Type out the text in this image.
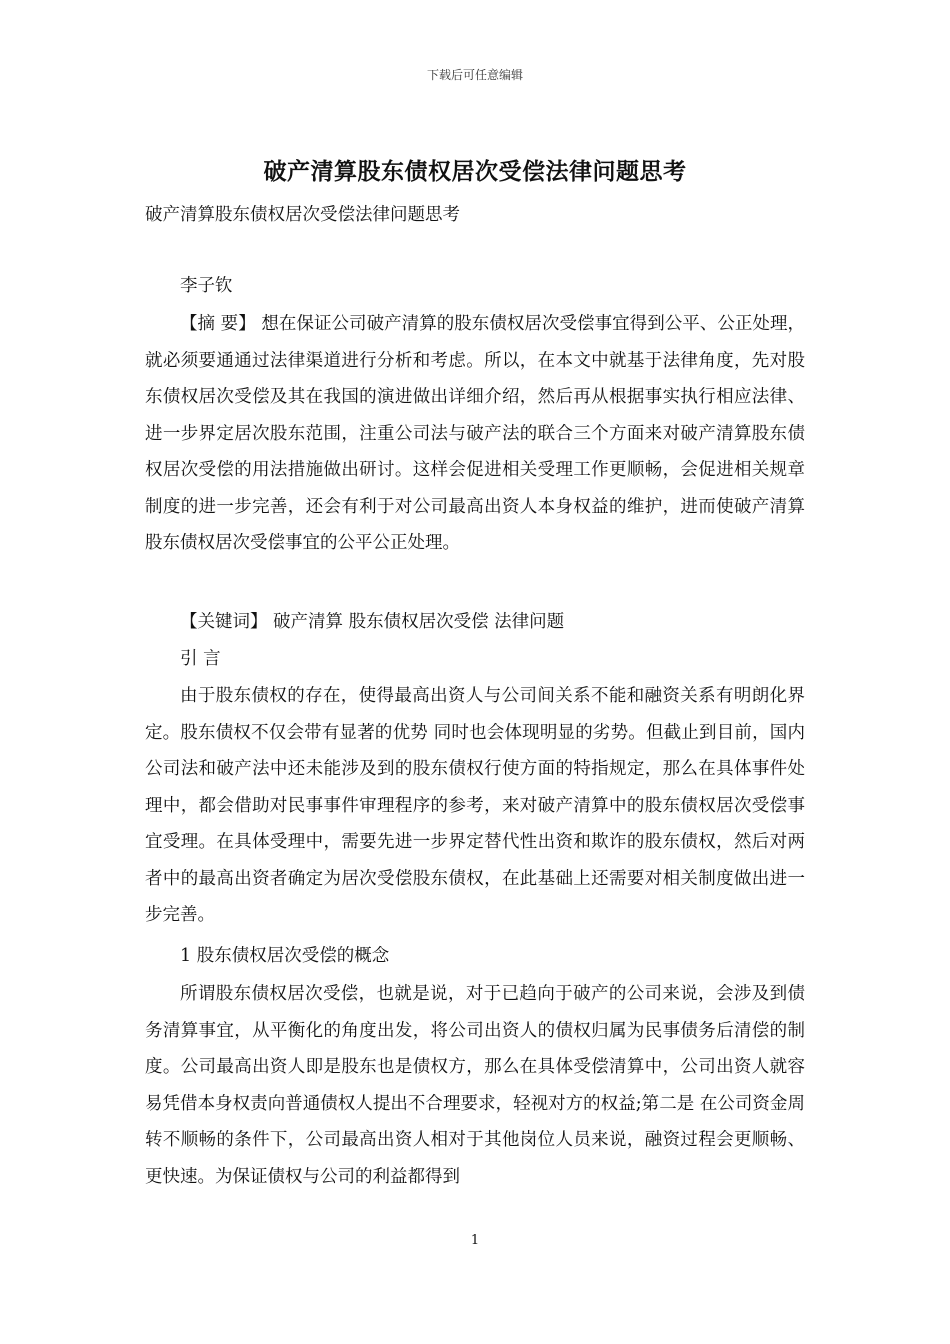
下载后可任意编辑
破产清算股东债权居次受偿法律问题思考

破产清算股东债权居次受偿法律问题思考

李子钦

【摘 要】 想在保证公司破产清算的股东债权居次受偿事宜得到公平、公正处理，就必须要通通过法律渠道进行分析和考虑。所以，在本文中就基于法律角度，先对股东债权居次受偿及其在我国的演进做出详细介绍，然后再从根据事实执行相应法律、进一步界定居次股东范围，注重公司法与破产法的联合三个方面来对破产清算股东债权居次受偿的用法措施做出研讨。这样会促进相关受理工作更顺畅，会促进相关规章制度的进一步完善，还会有利于对公司最高出资人本身权益的维护，进而使破产清算股东债权居次受偿事宜的公平公正处理。

【关键词】 破产清算 股东债权居次受偿 法律问题

引 言

由于股东债权的存在，使得最高出资人与公司间关系不能和融资关系有明朗化界定。股东债权不仅会带有显著的优势 同时也会体现明显的劣势。但截止到目前，国内公司法和破产法中还未能涉及到的股东债权行使方面的特指规定，那么在具体事件处理中，都会借助对民事事件审理程序的参考，来对破产清算中的股东债权居次受偿事宜受理。在具体受理中，需要先进一步界定替代性出资和欺诈的股东债权，然后对两者中的最高出资者确定为居次受偿股东债权，在此基础上还需要对相关制度做出进一步完善。

1 股东债权居次受偿的概念

所谓股东债权居次受偿，也就是说，对于已趋向于破产的公司来说，会涉及到债务清算事宜，从平衡化的角度出发，将公司出资人的债权归属为民事债务后清偿的制度。公司最高出资人即是股东也是债权方，那么在具体受偿清算中，公司出资人就容易凭借本身权责向普通债权人提出不合理要求，轻视对方的权益;第二是 在公司资金周转不顺畅的条件下，公司最高出资人相对于其他岗位人员来说，融资过程会更顺畅、更快速。为保证债权与公司的利益都得到

1
